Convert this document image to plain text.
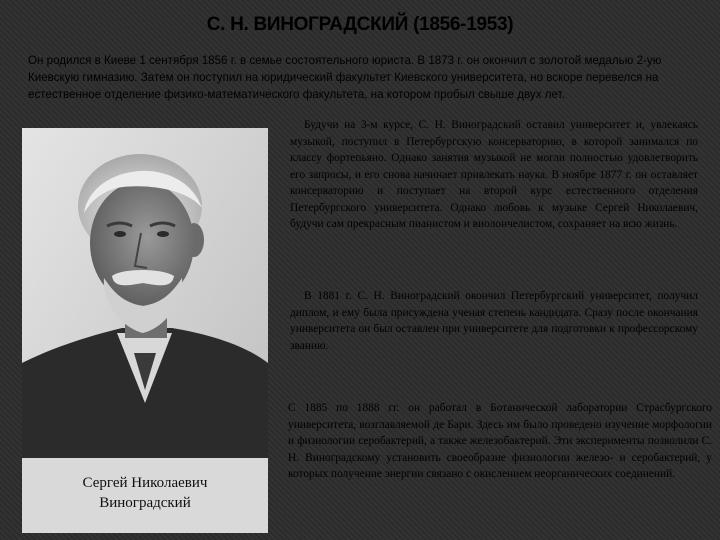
С. Н. ВИНОГРАДСКИЙ (1856-1953)

Он родился в Киеве 1 сентября 1856 г. в семье состоятельного юриста. В 1873 г. он окончил с золотой медалью 2-ую Киевскую гимназию. Затем он поступил на юридический факультет Киевского университета, но вскоре перевелся на естественное отделение физико-математического факультета, на котором пробыл свыше двух лет.

Сергей Николаевич
Виноградский

Будучи на 3-м курсе, С. Н. Виноградский оставил университет и, увлекаясь музыкой, поступил в Петербургскую консерваторию, в которой занимался по классу фортепьяно. Однако занятия музыкой не могли полностью удовлетворить его запросы, и его снова начинает привлекать наука. В ноябре 1877 г. он оставляет консерваторию и поступает на второй курс естественного отделения Петербургского университета. Однако любовь к музыке Сергей Николаевич, будучи сам прекрасным пианистом и виолончелистом, сохраняет на всю жизнь.

В 1881 г. С. Н. Виноградский окончил Петербургский университет, получил диплом, и ему была присуждена ученая степень кандидата. Сразу после окончания университета он был оставлен при университете для подготовки к профессорскому званию.

С 1885 по 1888 гг. он работал в Ботанической лаборатории Страсбургского университета, возглавляемой де Бари. Здесь им было проведено изучение морфологии и физиологии серобактерий, а также железобактерий. Эти эксперименты позволили С. Н. Виноградскому установить своеобразие физиологии железо- и серобактерий, у которых получение энергии связано с окислением неорганических соединений.
